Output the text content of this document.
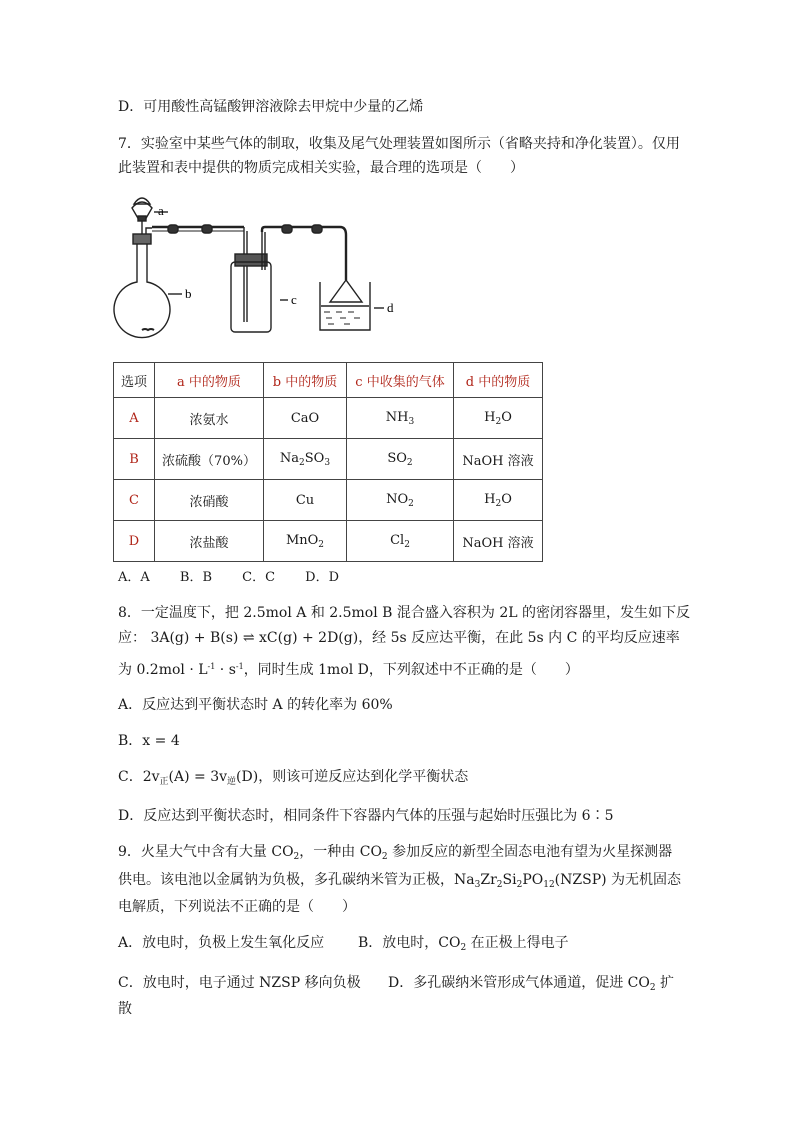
D．可用酸性高锰酸钾溶液除去甲烷中少量的乙烯
7．实验室中某些气体的制取，收集及尾气处理装置如图所示（省略夹持和净化装置）。仅用
此装置和表中提供的物质完成相关实验，最合理的选项是（　　）
a
b	c
d
选项	a 中的物质	b 中的物质	c 中收集的气体	d 中的物质
A	浓氨水	CaO	$NH_3$	$H_2O$
B	浓硫酸（70%）	$Na_2SO_3$	$SO_2$	NaOH 溶液
C	浓硝酸	Cu	$NO_2$	$H_2O$
D	浓盐酸	MnO$_2$	$Cl_2$	NaOH 溶液
A．A　　 B．B　　 C．C　　 D．D
8．一定温度下，把 2.5mol A 和 2.5mol B 混合盛入容积为 2L 的密闭容器里，发生如下反
应： 3A(g) + B(s) ⇌ xC(g) + 2D(g)，经 5s 反应达平衡，在此 5s 内 C 的平均反应速率
为 $0.2mol \cdot L^{-1} \cdot s^{-1}$，同时生成 1mol D，下列叙述中不正确的是（　　）
A．反应达到平衡状态时 A 的转化率为 60%
B．x = 4
C．$2v_正(A) = 3v_逆(D)$，则该可逆反应达到化学平衡状态
D．反应达到平衡状态时，相同条件下容器内气体的压强与起始时压强比为 6∶5
9．火星大气中含有大量 $CO_2$，一种由 $CO_2$ 参加反应的新型全固态电池有望为火星探测器
供电。该电池以金属钠为负极，多孔碳纳米管为正极，$Na_3Zr_2Si_2PO_{12}(NZSP)$ 为无机固态
电解质，下列说法不正确的是（　　）
A．放电时，负极上发生氧化反应 B．放电时，$CO_2$ 在正极上得电子
C．放电时，电子通过 NZSP 移向负极 D．多孔碳纳米管形成气体通道，促进 $CO_2$ 扩
散
